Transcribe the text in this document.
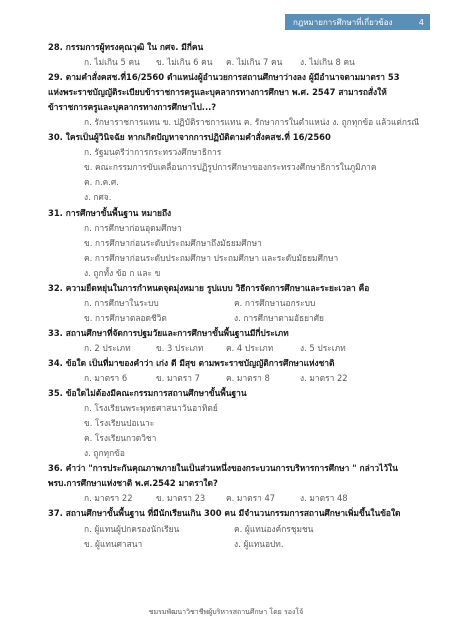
กฎหมายการศึกษาที่เกี่ยวข้อง	4
28. กรรมการผู้ทรงคุณวุฒิ ใน กศจ. มีกี่คน
ก. ไม่เกิน 5 คน	ข. ไม่เกิน 6 คน	ค. ไม่เกิน 7 คน	ง. ไม่เกิน 8 คน
29. ตามคำสั่งคสช.ที่16/2560 ตำแหน่งผู้อำนวยการสถานศึกษาว่างลง ผู้มีอำนาจตามมาตรา 53
แห่งพระราชบัญญัติระเบียบข้าราชการครูและบุคลากรทางการศึกษา พ.ศ. 2547 สามารถสั่งให้
ข้าราชการครูและบุคลากรทางการศึกษาไป...?
ก. รักษาราชการแทน ข. ปฏิบัติราชการแทน ค. รักษาการในตำแหน่ง ง. ถูกทุกข้อ แล้วแต่กรณี
30. ใครเป็นผู้วินิจฉัย หากเกิดปัญหาจากการปฏิบัติตามคำสั่งคสช.ที่ 16/2560
ก. รัฐมนตรีว่าการกระทรวงศึกษาธิการ
ข. คณะกรรมการขับเคลื่อนการปฏิรูปการศึกษาของกระทรวงศึกษาธิการในภูมิภาค
ค. ก.ค.ศ.
ง. กศจ.
31. การศึกษาขั้นพื้นฐาน หมายถึง
ก. การศึกษาก่อนอุดมศึกษา
ข. การศึกษาก่อนระดับประถมศึกษาถึงมัธยมศึกษา
ค. การศึกษาก่อนระดับประถมศึกษา ประถมศึกษา และระดับมัธยมศึกษา
ง. ถูกทั้ง ข้อ ก และ ข
32. ความยืดหยุ่นในการกำหนดจุดมุ่งหมาย รูปแบบ วิธีการจัดการศึกษาและระยะเวลา คือ
ก. การศึกษาในระบบ	ค. การศึกษานอกระบบ
ข. การศึกษาตลอดชีวิต	ง. การศึกษาตามอัธยาศัย
33. สถานศึกษาที่จัดการปฐมวัยและการศึกษาขั้นพื้นฐานมีกี่ประเภท
ก. 2 ประเภท	ข. 3 ประเภท	ค. 4 ประเภท	ง. 5 ประเภท
34. ข้อใด เป็นที่มาของคำว่า เก่ง ดี มีสุข ตามพระราชบัญญัติการศึกษาแห่งชาติ
ก. มาตรา 6	ข. มาตรา 7	ค. มาตรา 8	ง. มาตรา 22
35. ข้อใดไม่ต้องมีคณะกรรมการสถานศึกษาขั้นพื้นฐาน
ก. โรงเรียนพระพุทธศาสนาวันอาทิตย์
ข. โรงเรียนปอเนาะ
ค. โรงเรียนกวดวิชา
ง. ถูกทุกข้อ
36. คำว่า "การประกันคุณภาพภายในเป็นส่วนหนึ่งของกระบวนการบริหารการศึกษา " กล่าวไว้ใน
พรบ.การศึกษาแห่งชาติ พ.ศ.2542 มาตราใด?
ก. มาตรา 22	ข. มาตรา 23	ค. มาตรา 47	ง. มาตรา 48
37. สถานศึกษาขั้นพื้นฐาน ที่มีนักเรียนเกิน 300 คน มีจำนวนกรรมการสถานศึกษาเพิ่มขึ้นในข้อใด
ก. ผู้แทนผู้ปกครองนักเรียน	ค. ผู้แทนองค์กรชุมชน
ข. ผู้แทนศาสนา	ง. ผู้แทนอปท.
ชมรมพัฒนาวิชาชีพผู้บริหารสถานศึกษา โดย รองโจ้
